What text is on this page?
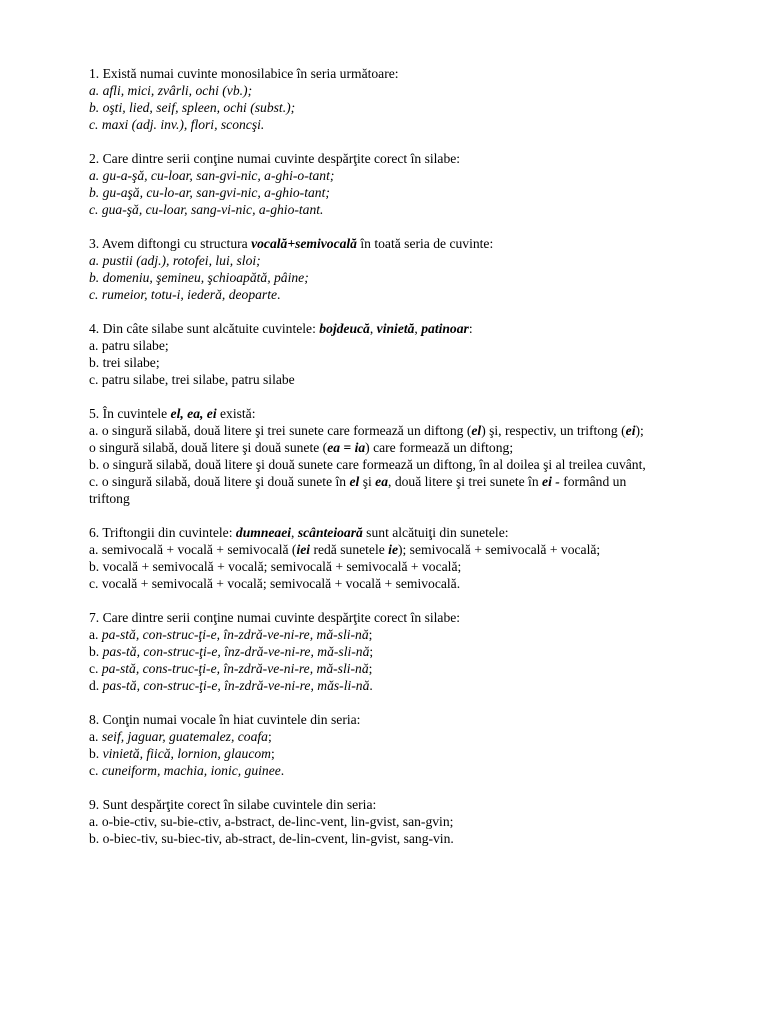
1. Există numai cuvinte monosilabice în seria următoare:
a. afli, mici, zvârli, ochi (vb.);
b. oşti, lied, seif, spleen, ochi (subst.);
c. maxi (adj. inv.), flori, sconcşi.
2. Care dintre serii conţine numai cuvinte despărţite corect în silabe:
a. gu-a-şă, cu-loar, san-gvi-nic, a-ghi-o-tant;
b. gu-aşă, cu-lo-ar, san-gvi-nic, a-ghio-tant;
c. gua-şă, cu-loar, sang-vi-nic, a-ghio-tant.
3. Avem diftongi cu structura vocală+semivocală în toată seria de cuvinte:
a. pustii (adj.), rotofei, lui, sloi;
b. domeniu, şemineu, şchioapătă, pâine;
c. rumeior, totu-i, iederă, deoparte.
4. Din câte silabe sunt alcătuite cuvintele: bojdeucă, vinietă, patinoar:
a. patru silabe;
b. trei silabe;
c. patru silabe, trei silabe, patru silabe
5. În cuvintele el, ea, ei există:
a. o singură silabă, două litere şi trei sunete care formează un diftong (el) şi, respectiv, un triftong (ei);
o singură silabă, două litere şi două sunete (ea = ia) care formează un diftong;
b. o singură silabă, două litere şi două sunete care formează un diftong, în al doilea şi al treilea cuvânt,
c. o singură silabă, două litere şi două sunete în el şi ea, două litere şi trei sunete în ei - formând un
triftong
6. Triftongii din cuvintele: dumneaei, scânteioară sunt alcătuiţi din sunetele:
a. semivocală + vocală + semivocală (iei redă sunetele ie); semivocală + semivocală + vocală;
b. vocală + semivocală + vocală; semivocală + semivocală + vocală;
c. vocală + semivocală + vocală; semivocală + vocală + semivocală.
7. Care dintre serii conţine numai cuvinte despărţite corect în silabe:
a. pa-stă, con-struc-ţi-e, în-zdră-ve-ni-re, mă-sli-nă;
b. pas-tă, con-struc-ţi-e, înz-dră-ve-ni-re, mă-sli-nă;
c. pa-stă, cons-truc-ţi-e, în-zdră-ve-ni-re, mă-sli-nă;
d. pas-tă, con-struc-ţi-e, în-zdră-ve-ni-re, măs-li-nă.
8. Conţin numai vocale în hiat cuvintele din seria:
a. seif, jaguar, guatemalez, coafa;
b. vinietă, fiică, lornion, glaucom;
c. cuneiform, machia, ionic, guinee.
9. Sunt despărţite corect în silabe cuvintele din seria:
a. o-bie-ctiv, su-bie-ctiv, a-bstract, de-linc-vent, lin-gvist, san-gvin;
b. o-biec-tiv, su-biec-tiv, ab-stract, de-lin-cvent, lin-gvist, sang-vin.
